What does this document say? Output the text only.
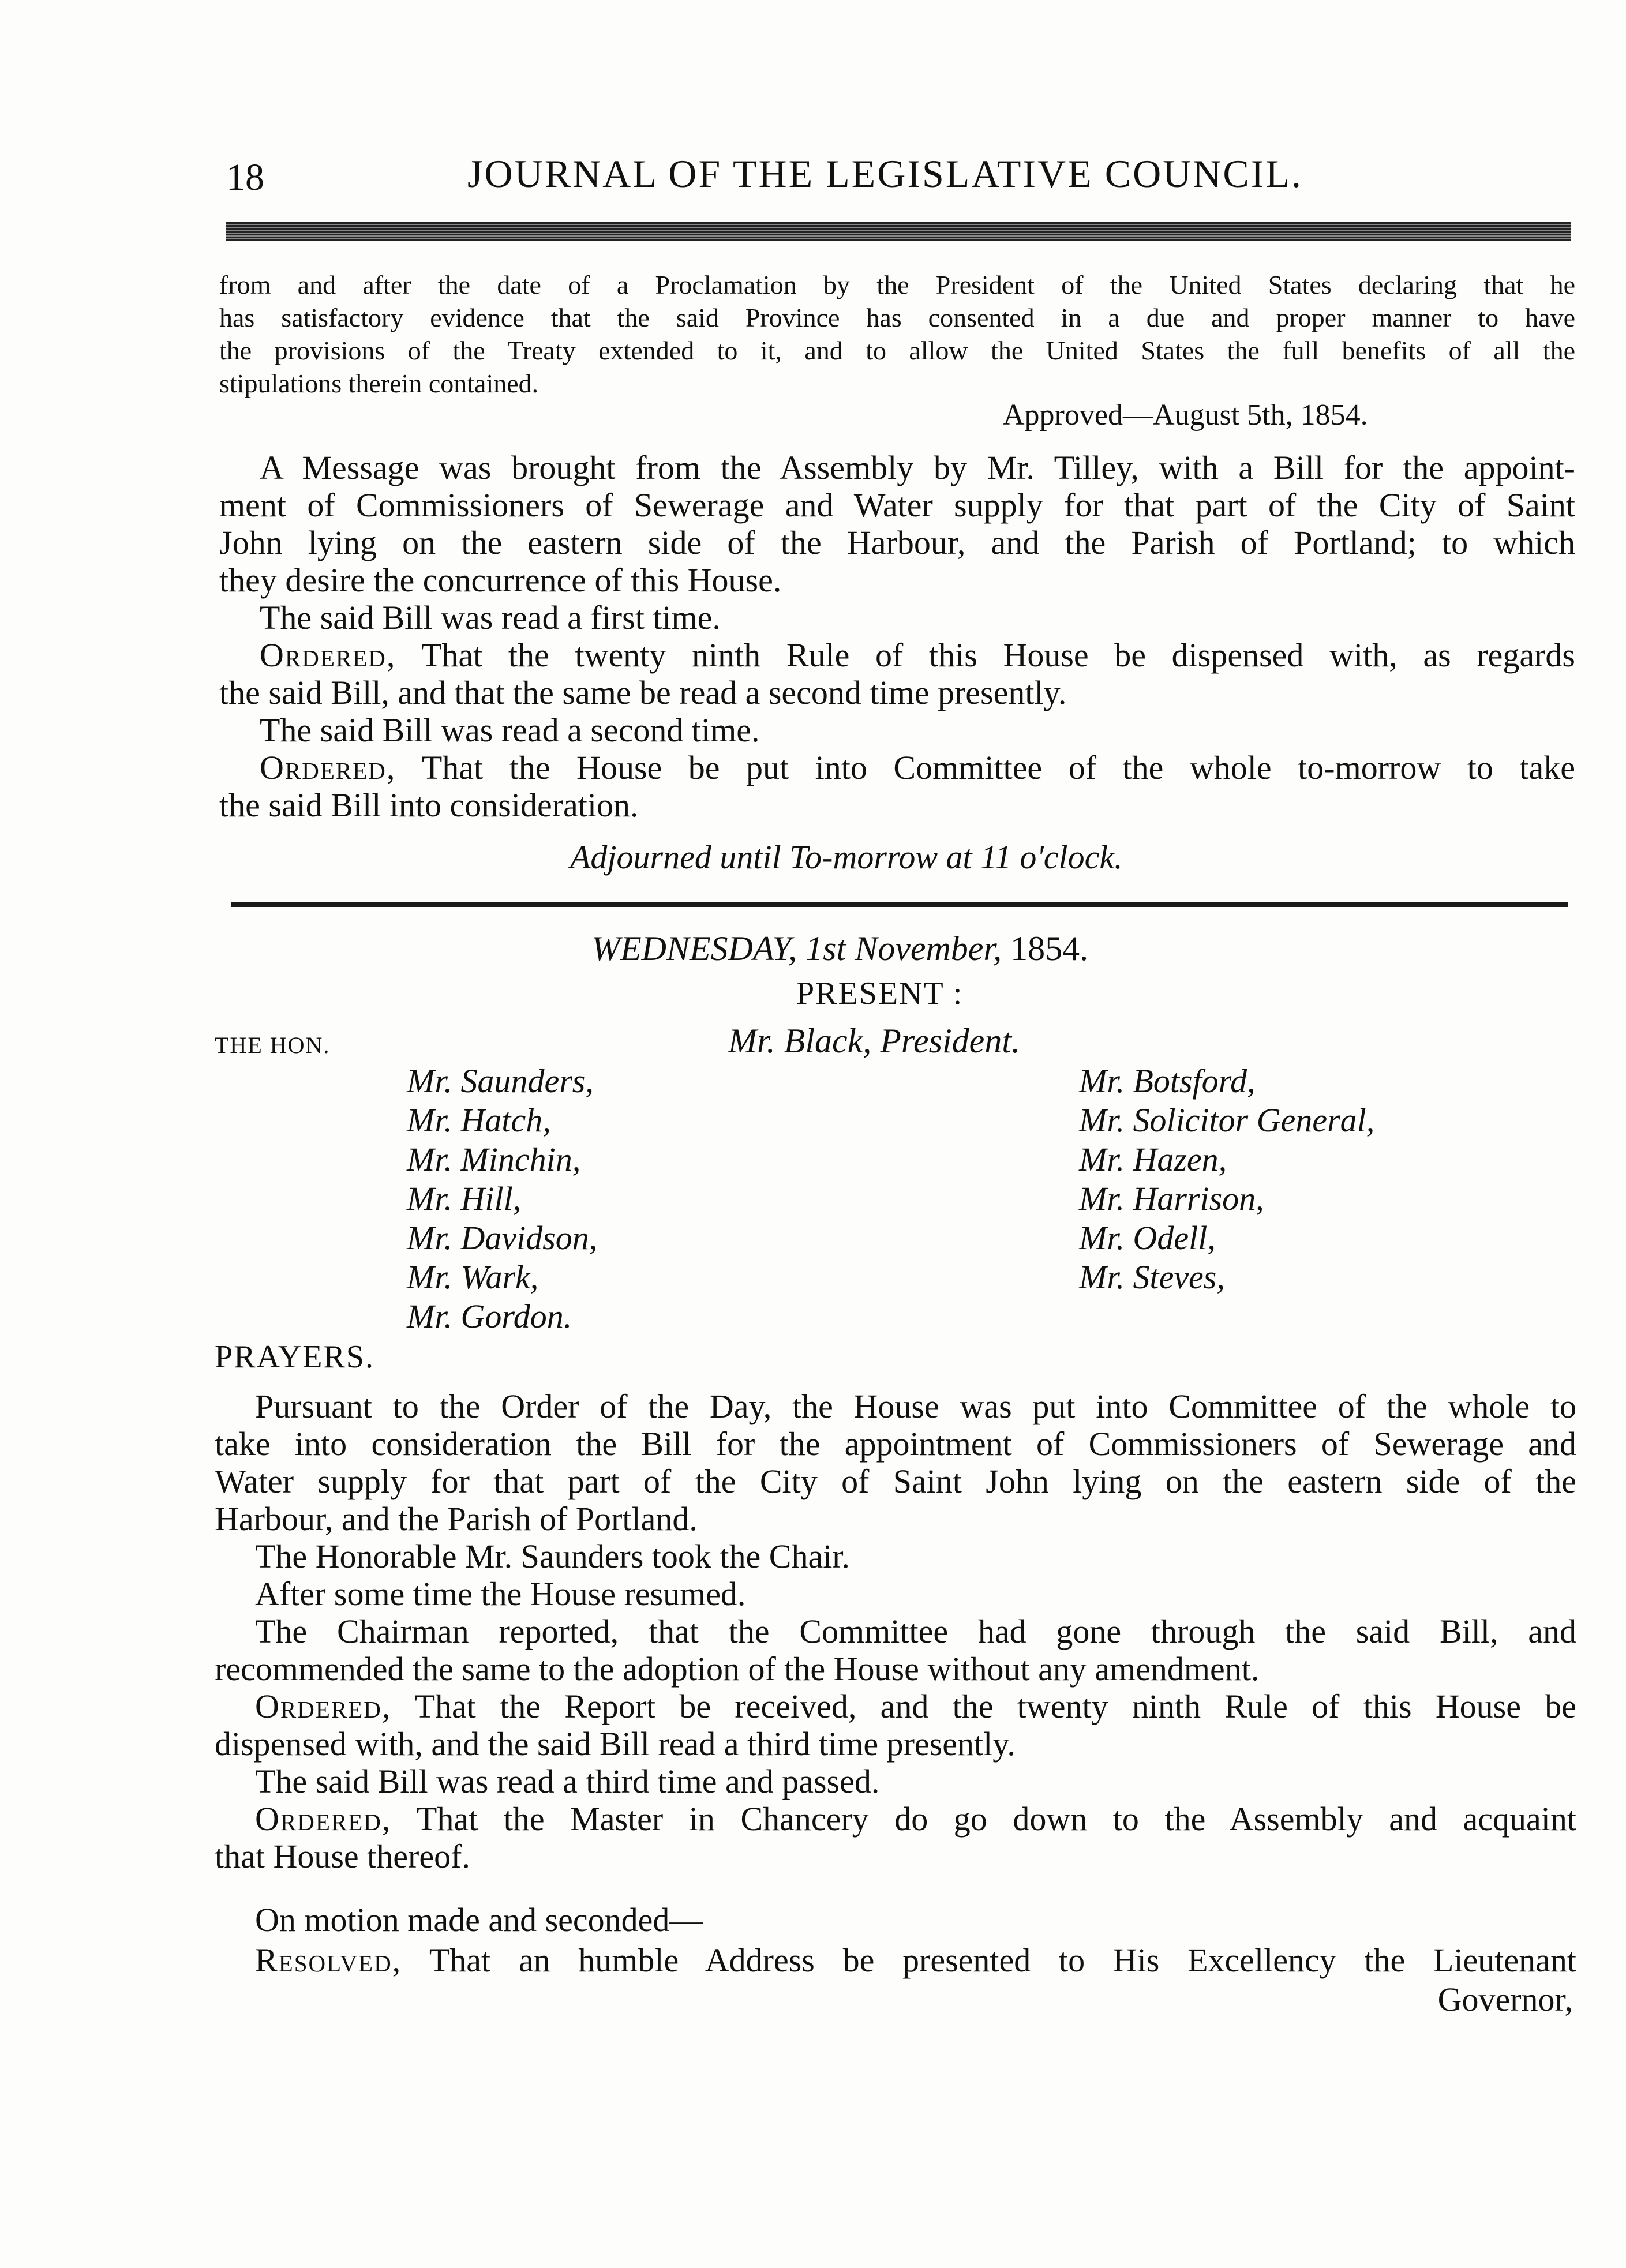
18	JOURNAL OF THE LEGISLATIVE COUNCIL.
from and after the date of a Proclamation by the President of the United States declaring that he
has satisfactory evidence that the said Province has consented in a due and proper manner to have
the provisions of the Treaty extended to it, and to allow the United States the full benefits of all the
stipulations therein contained.
Approved—August 5th, 1854.
A Message was brought from the Assembly by Mr. Tilley, with a Bill for the appoint-
ment of Commissioners of Sewerage and Water supply for that part of the City of Saint
John lying on the eastern side of the Harbour, and the Parish of Portland; to which
they desire the concurrence of this House.
The said Bill was read a first time.
Ordered, That the twenty ninth Rule of this House be dispensed with, as regards
the said Bill, and that the same be read a second time presently.
The said Bill was read a second time.
Ordered, That the House be put into Committee of the whole to-morrow to take
the said Bill into consideration.
Adjourned until To-morrow at 11 o'clock.
WEDNESDAY, 1st November, 1854.
PRESENT :
THE HON.	Mr. Black, President.
Mr. Saunders,
Mr. Hatch,
Mr. Minchin,
Mr. Hill,
Mr. Davidson,
Mr. Wark,
Mr. Gordon.
Mr. Botsford,
Mr. Solicitor General,
Mr. Hazen,
Mr. Harrison,
Mr. Odell,
Mr. Steves,
PRAYERS.
Pursuant to the Order of the Day, the House was put into Committee of the whole to
take into consideration the Bill for the appointment of Commissioners of Sewerage and
Water supply for that part of the City of Saint John lying on the eastern side of the
Harbour, and the Parish of Portland.
The Honorable Mr. Saunders took the Chair.
After some time the House resumed.
The Chairman reported, that the Committee had gone through the said Bill, and
recommended the same to the adoption of the House without any amendment.
Ordered, That the Report be received, and the twenty ninth Rule of this House be
dispensed with, and the said Bill read a third time presently.
The said Bill was read a third time and passed.
Ordered, That the Master in Chancery do go down to the Assembly and acquaint
that House thereof.
On motion made and seconded—
Resolved, That an humble Address be presented to His Excellency the Lieutenant
Governor,
